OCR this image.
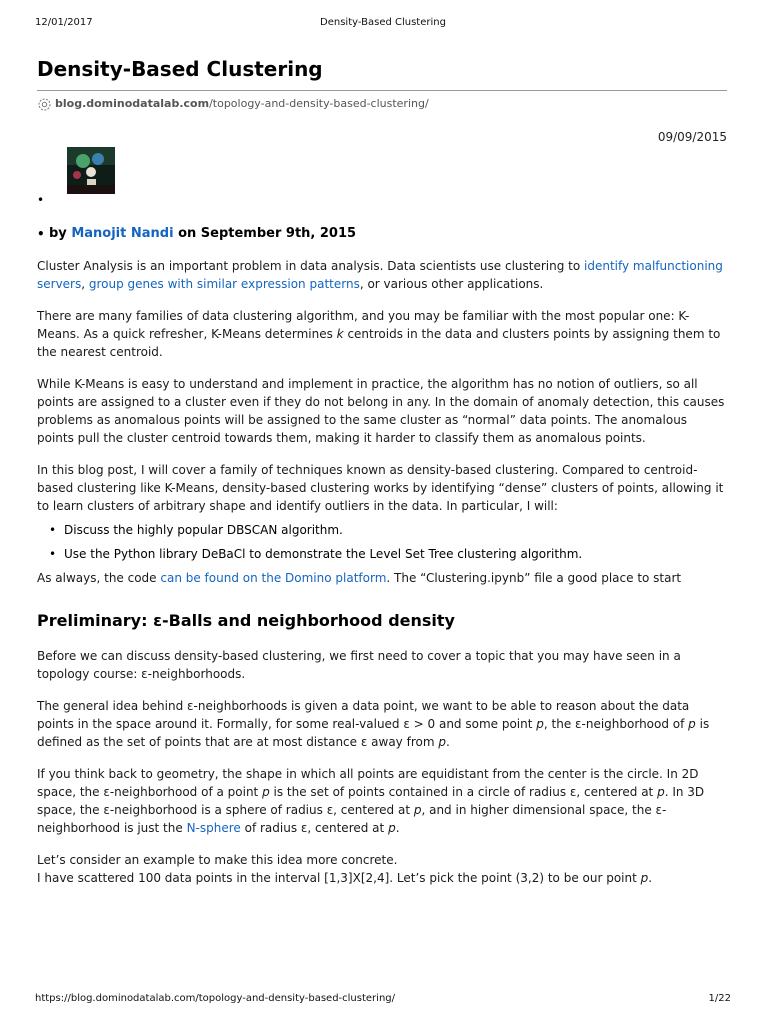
12/01/2017	Density-Based Clustering
Density-Based Clustering
blog.dominodatalab.com /topology-and-density-based-clustering/
09/09/2015
•
• by Manojit Nandi on September 9th, 2015

Cluster Analysis is an important problem in data analysis. Data scientists use clustering to identify malfunctioning servers, group genes with similar expression patterns, or various other applications.

There are many families of data clustering algorithm, and you may be familiar with the most popular one: K-Means. As a quick refresher, K-Means determines k centroids in the data and clusters points by assigning them to the nearest centroid.

While K-Means is easy to understand and implement in practice, the algorithm has no notion of outliers, so all points are assigned to a cluster even if they do not belong in any. In the domain of anomaly detection, this causes problems as anomalous points will be assigned to the same cluster as “normal” data points. The anomalous points pull the cluster centroid towards them, making it harder to classify them as anomalous points.

In this blog post, I will cover a family of techniques known as density-based clustering. Compared to centroid-based clustering like K-Means, density-based clustering works by identifying “dense” clusters of points, allowing it to learn clusters of arbitrary shape and identify outliers in the data. In particular, I will:

• Discuss the highly popular DBSCAN algorithm.
• Use the Python library DeBaCl to demonstrate the Level Set Tree clustering algorithm.

As always, the code can be found on the Domino platform. The “Clustering.ipynb” file a good place to start

Preliminary: ε-Balls and neighborhood density

Before we can discuss density-based clustering, we first need to cover a topic that you may have seen in a topology course: ε-neighborhoods.

The general idea behind ε-neighborhoods is given a data point, we want to be able to reason about the data points in the space around it. Formally, for some real-valued ε > 0 and some point p, the ε-neighborhood of p is defined as the set of points that are at most distance ε away from p.

If you think back to geometry, the shape in which all points are equidistant from the center is the circle. In 2D space, the ε-neighborhood of a point p is the set of points contained in a circle of radius ε, centered at p. In 3D space, the ε-neighborhood is a sphere of radius ε, centered at p, and in higher dimensional space, the ε-neighborhood is just the N-sphere of radius ε, centered at p.

Let’s consider an example to make this idea more concrete.
I have scattered 100 data points in the interval [1,3]X[2,4]. Let’s pick the point (3,2) to be our point p.

https://blog.dominodatalab.com/topology-and-density-based-clustering/	1/22
